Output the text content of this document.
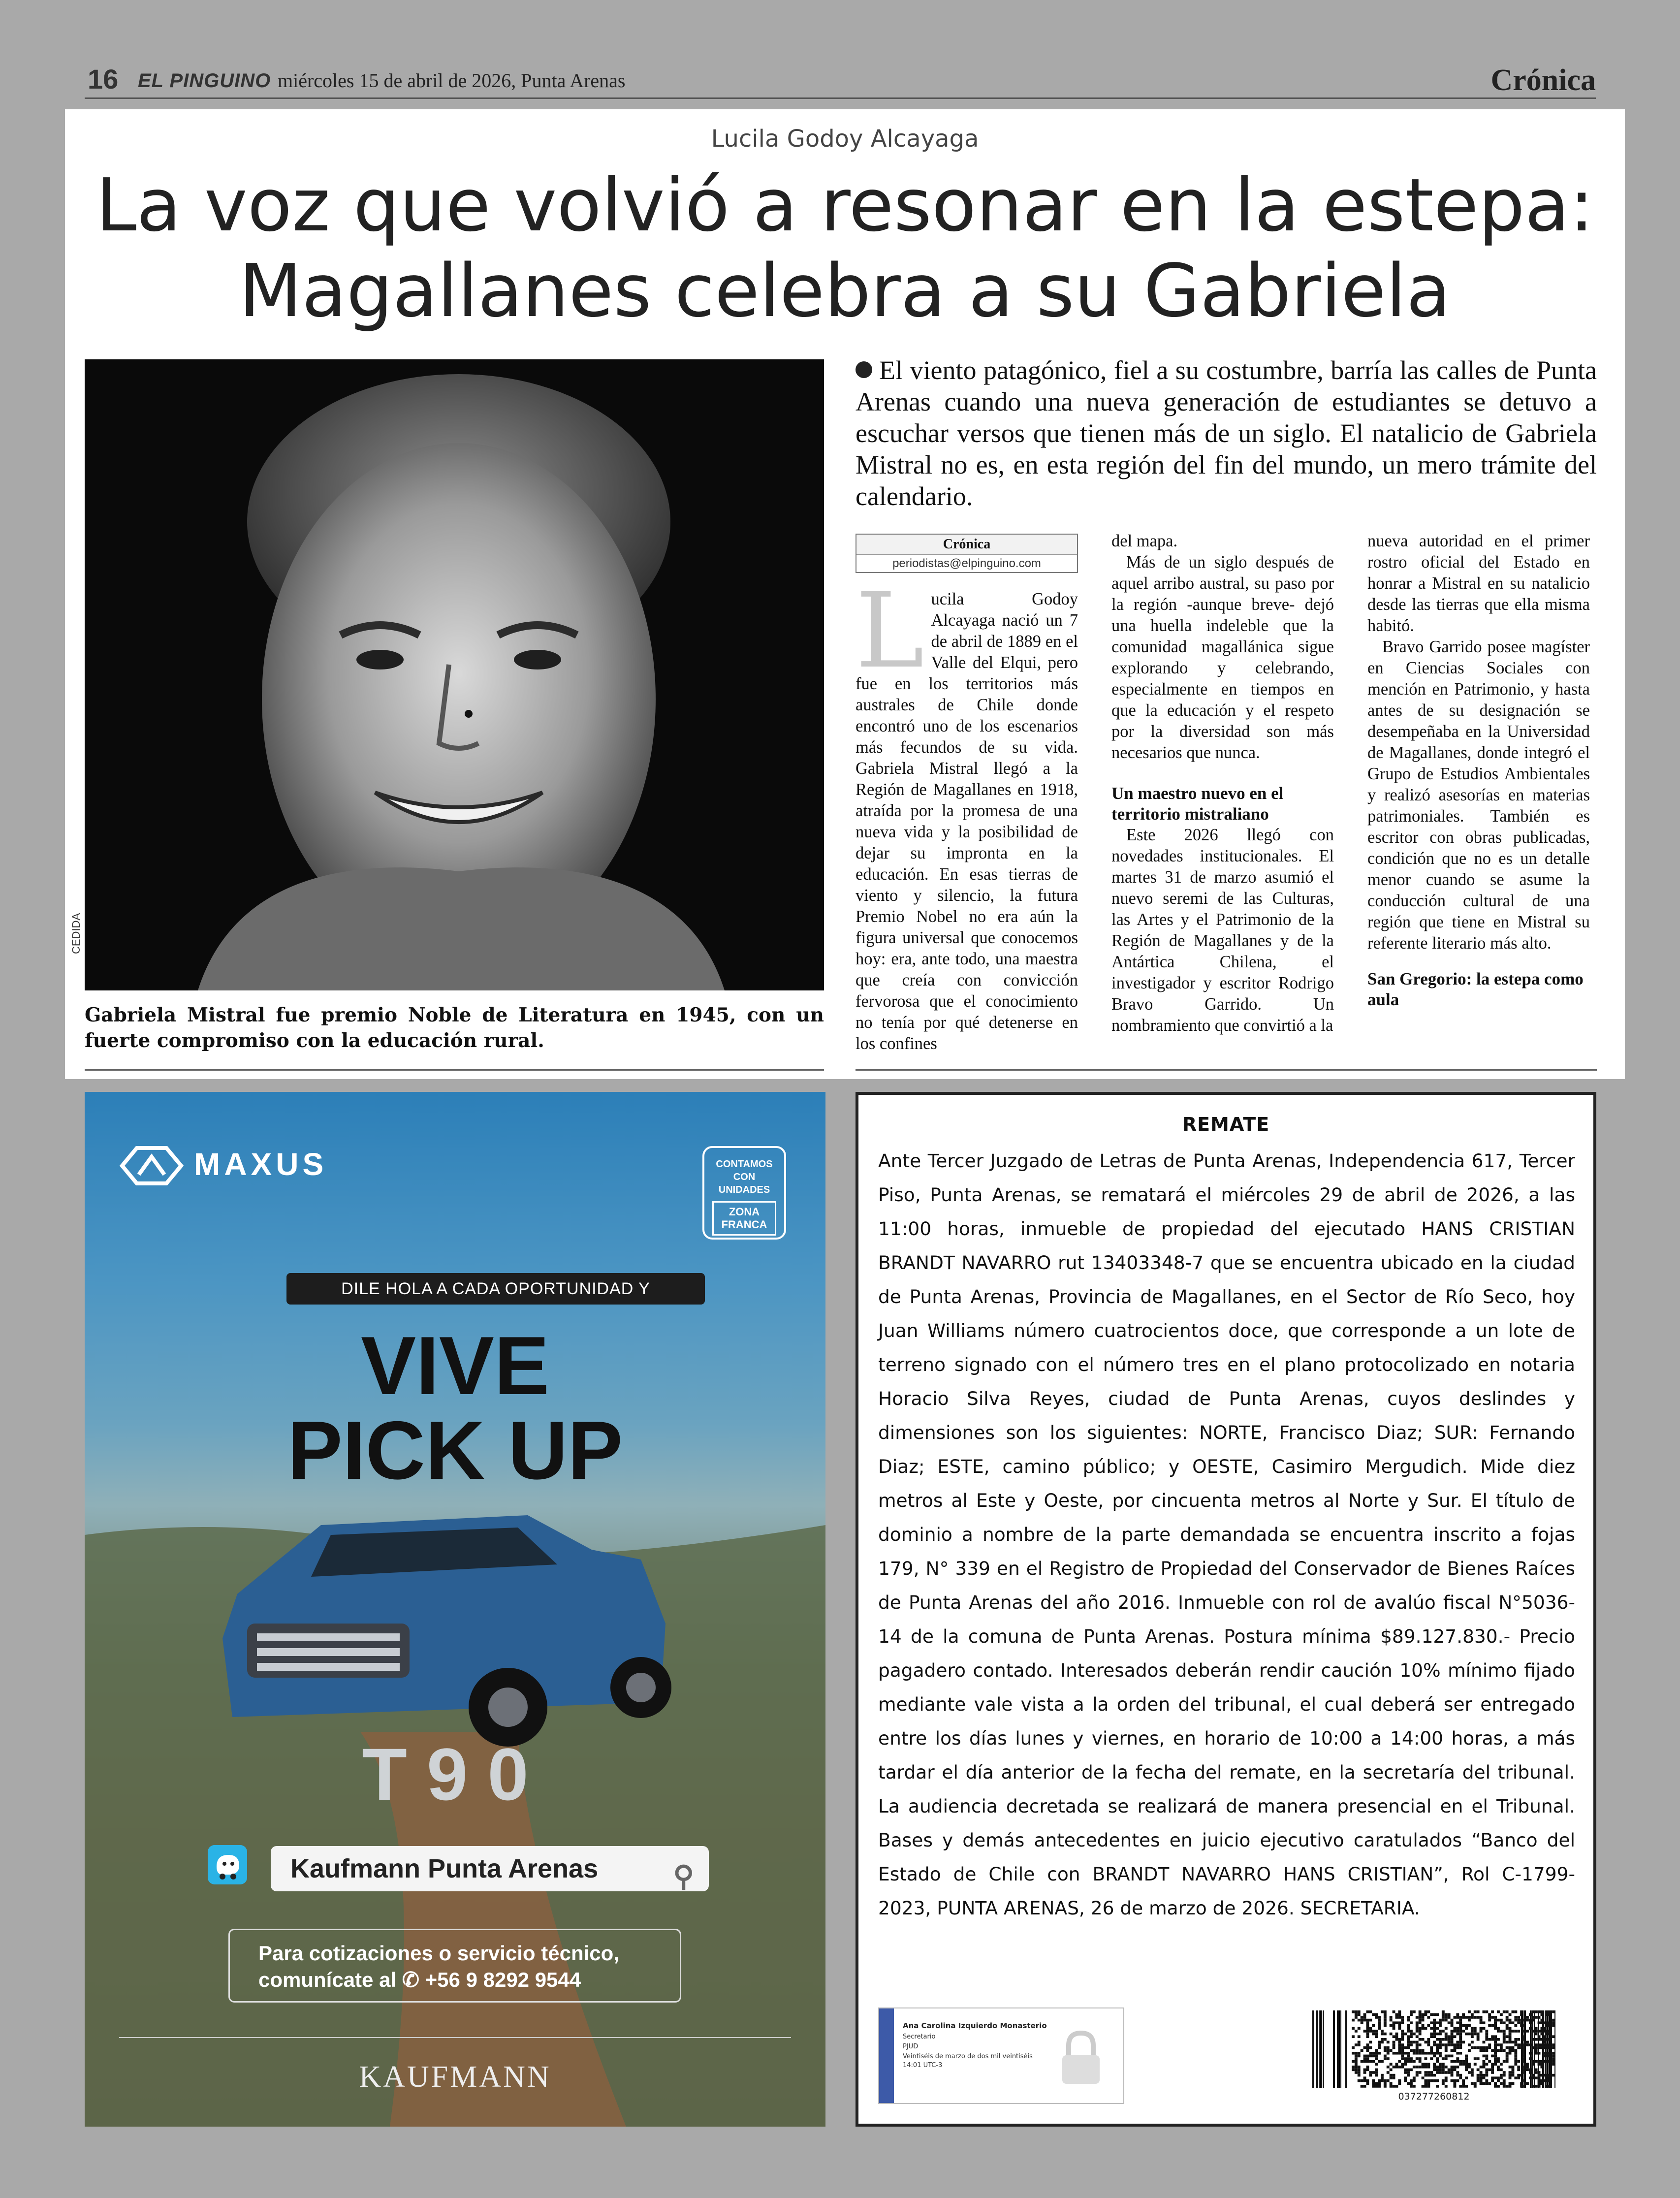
16 EL PINGUINO miércoles 15 de abril de 2026, Punta Arenas	Crónica
Lucila Godoy Alcayaga
La voz que volvió a resonar en la estepa:
Magallanes celebra a su Gabriela
CEDIDA
Gabriela Mistral fue premio Noble de Literatura en 1945, con un fuerte compromiso con la educación rural.
El viento patagónico, fiel a su costumbre, barría las calles de Punta Arenas cuando una nueva generación de estudiantes se detuvo a escuchar versos que tienen más de un siglo. El natalicio de Gabriela Mistral no es, en esta región del fin del mundo, un mero trámite del calendario.
Crónica
periodistas@elpinguino.com

Lucila Godoy Alcayaga nació un 7 de abril de 1889 en el Valle del Elqui, pero fue en los territorios más australes de Chile donde encontró uno de los escenarios más fecundos de su vida. Gabriela Mistral llegó a la Región de Magallanes en 1918, atraída por la promesa de una nueva vida y la posibilidad de dejar su impronta en la educación. En esas tierras de viento y silencio, la futura Premio Nobel no era aún la figura universal que conocemos hoy: era, ante todo, una maestra que creía con convicción fervorosa que el conocimiento no tenía por qué detenerse en los confines

del mapa.

Más de un siglo después de aquel arribo austral, su paso por la región -aunque breve- dejó una huella indeleble que la comunidad magallánica sigue explorando y celebrando, especialmente en tiempos en que la educación y el respeto por la diversidad son más necesarios que nunca.

Un maestro nuevo en el territorio mistraliano

Este 2026 llegó con novedades institucionales. El martes 31 de marzo asumió el nuevo seremi de las Culturas, las Artes y el Patrimonio de la Región de Magallanes y de la Antártica Chilena, el investigador y escritor Rodrigo Bravo Garrido. Un nombramiento que convirtió a la

nueva autoridad en el primer rostro oficial del Estado en honrar a Mistral en su natalicio desde las tierras que ella misma habitó.

Bravo Garrido posee magíster en Ciencias Sociales con mención en Patrimonio, y hasta antes de su designación se desempeñaba en la Universidad de Magallanes, donde integró el Grupo de Estudios Ambientales y realizó asesorías en materias patrimoniales. También es escritor con obras publicadas, condición que no es un detalle menor cuando se asume la conducción cultural de una región que tiene en Mistral su referente literario más alto.

San Gregorio: la estepa como aula
MAXUS	CONTAMOS CON
UNIDADES
ZONA FRANCA
DILE HOLA A CADA OPORTUNIDAD Y
VIVE
PICK UP
T90
Kaufmann Punta Arenas	⚲
Para cotizaciones o servicio técnico,
comunícate al ✆ +56 9 8292 9544
KAUFMANN
REMATE
Ante Tercer Juzgado de Letras de Punta Arenas, Independencia 617, Tercer Piso, Punta Arenas, se rematará el miércoles 29 de abril de 2026, a las 11:00 horas, inmueble de propiedad del ejecutado HANS CRISTIAN BRANDT NAVARRO rut 13403348-7 que se encuentra ubicado en la ciudad de Punta Arenas, Provincia de Magallanes, en el Sector de Río Seco, hoy Juan Williams número cuatrocientos doce, que corresponde a un lote de terreno signado con el número tres en el plano protocolizado en notaria Horacio Silva Reyes, ciudad de Punta Arenas, cuyos deslindes y dimensiones son los siguientes: NORTE, Francisco Diaz; SUR: Fernando Diaz; ESTE, camino público; y OESTE, Casimiro Mergudich. Mide diez metros al Este y Oeste, por cincuenta metros al Norte y Sur. El título de dominio a nombre de la parte demandada se encuentra inscrito a fojas 179, N° 339 en el Registro de Propiedad del Conservador de Bienes Raíces de Punta Arenas del año 2016. Inmueble con rol de avalúo fiscal N°5036-14 de la comuna de Punta Arenas. Postura mínima $89.127.830.- Precio pagadero contado. Interesados deberán rendir caución 10% mínimo fijado mediante vale vista a la orden del tribunal, el cual deberá ser entregado entre los días lunes y viernes, en horario de 10:00 a 14:00 horas, a más tardar el día anterior de la fecha del remate, en la secretaría del tribunal. La audiencia decretada se realizará de manera presencial en el Tribunal. Bases y demás antecedentes en juicio ejecutivo caratulados “Banco del Estado de Chile con BRANDT NAVARRO HANS CRISTIAN”, Rol C-1799- 2023, PUNTA ARENAS, 26 de marzo de 2026. SECRETARIA.
Ana Carolina Izquierdo Monasterio
Secretario
PJUD
Veintiséis de marzo de dos mil veintiséis
14:01 UTC-3
037277260812
